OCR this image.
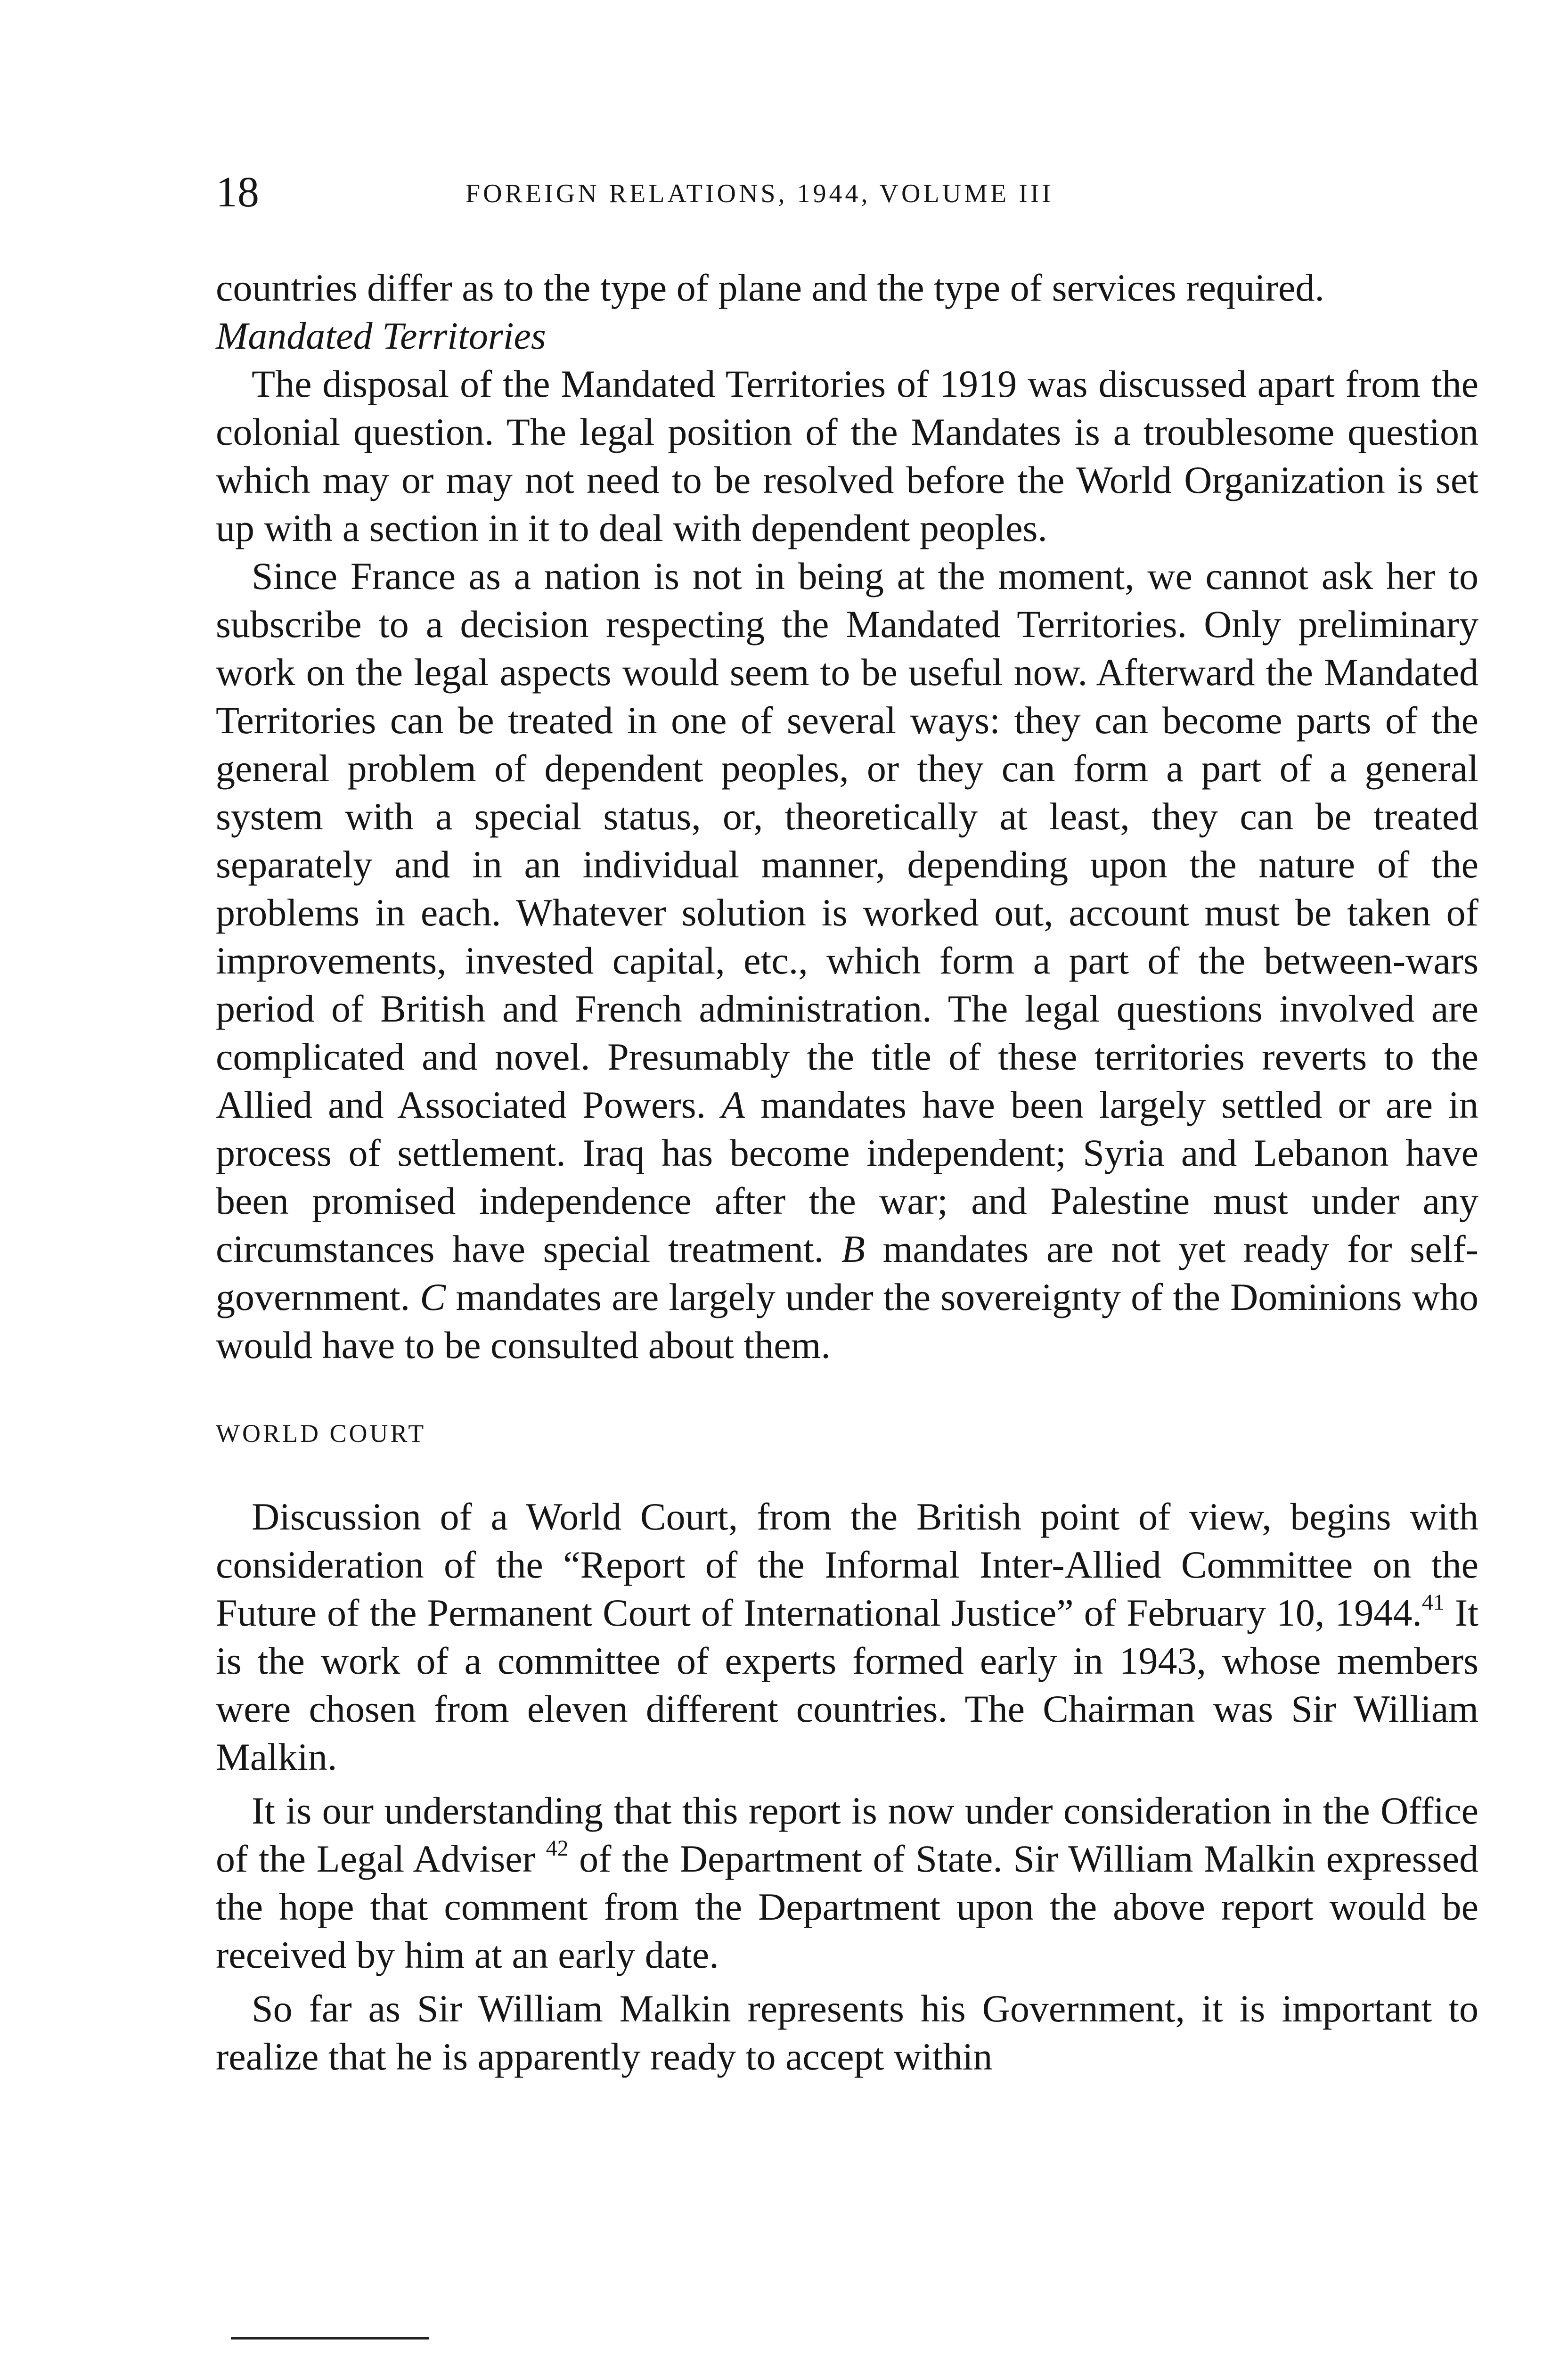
18	FOREIGN RELATIONS, 1944, VOLUME III

countries differ as to the type of plane and the type of services required.

Mandated Territories

The disposal of the Mandated Territories of 1919 was discussed apart from the colonial question. The legal position of the Mandates is a troublesome question which may or may not need to be resolved before the World Organization is set up with a section in it to deal with dependent peoples.

Since France as a nation is not in being at the moment, we cannot ask her to subscribe to a decision respecting the Mandated Territories. Only preliminary work on the legal aspects would seem to be useful now. Afterward the Mandated Territories can be treated in one of several ways: they can become parts of the general problem of dependent peoples, or they can form a part of a general system with a special status, or, theoretically at least, they can be treated separately and in an individual manner, depending upon the nature of the problems in each. Whatever solution is worked out, account must be taken of improvements, invested capital, etc., which form a part of the between-wars period of British and French administration. The legal questions involved are complicated and novel. Presumably the title of these territories reverts to the Allied and Associated Powers. A mandates have been largely settled or are in process of settlement. Iraq has become independent; Syria and Lebanon have been promised independence after the war; and Palestine must under any circumstances have special treatment. B mandates are not yet ready for self-government. C mandates are largely under the sovereignty of the Dominions who would have to be consulted about them.

WORLD COURT

Discussion of a World Court, from the British point of view, begins with consideration of the “Report of the Informal Inter-Allied Committee on the Future of the Permanent Court of International Justice” of February 10, 1944.41 It is the work of a committee of experts formed early in 1943, whose members were chosen from eleven different countries. The Chairman was Sir William Malkin.

It is our understanding that this report is now under consideration in the Office of the Legal Adviser $^{42}$ of the Department of State. Sir William Malkin expressed the hope that comment from the Department upon the above report would be received by him at an early date.

So far as Sir William Malkin represents his Government, it is important to realize that he is apparently ready to accept within
